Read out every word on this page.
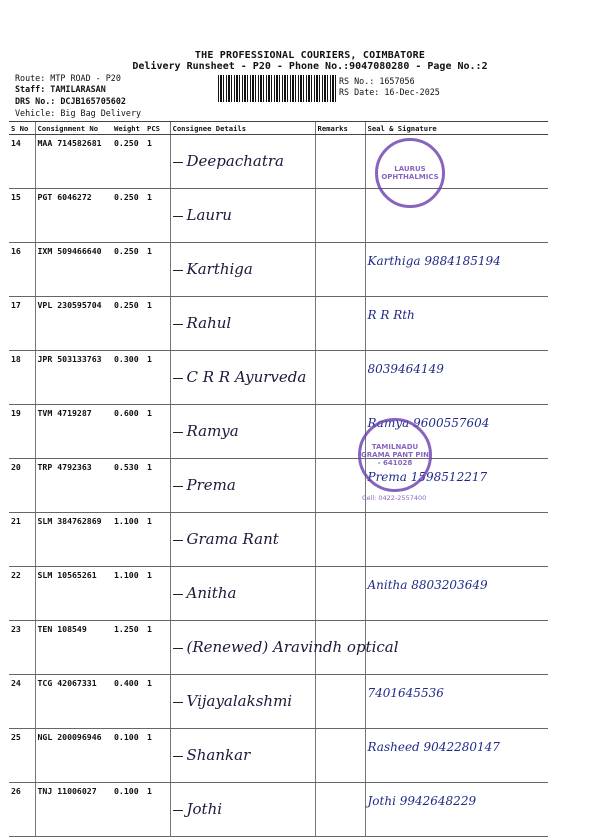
THE PROFESSIONAL COURIERS, COIMBATORE
Delivery Runsheet - P20 - Phone No.:9047080280 - Page No.:2
Route: MTP ROAD - P20
Staff: TAMILARASAN
DRS No.: DCJB165705602
Vehicle: Big Bag Delivery
RS No.: 1657056
RS Date: 16-Dec-2025
S No	Consignment No	Weight	PCS	Consignee Details	Remarks	Seal & Signature
14	MAA 714582681	0.250	1	Deepachatra		
15	PGT 6046272	0.250	1	Lauru		
16	IXM 509466640	0.250	1	Karthiga		Karthiga 9884185194
17	VPL 230595704	0.250	1	Rahul		R R Rth
18	JPR 503133763	0.300	1	C R R Ayurveda		8039464149
19	TVM 4719287	0.600	1	Ramya		Ramya 9600557604
20	TRP 4792363	0.530	1	Prema		Prema 1598512217
21	SLM 384762869	1.100	1	Grama Rant		
22	SLM 10565261	1.100	1	Anitha		Anitha 8803203649
23	TEN 108549	1.250	1	(Renewed) Aravindh optical		
24	TCG 42067331	0.400	1	Vijayalakshmi		7401645536
25	NGL 200096946	0.100	1	Shankar		Rasheed 9042280147
26	TNJ 11006027	0.100	1	Jothi		Jothi 9942648229
LAURUS OPHTHALMICS
TAMILNADU GRAMA PANT PIN - 641028
Cell: 0422-2557400
